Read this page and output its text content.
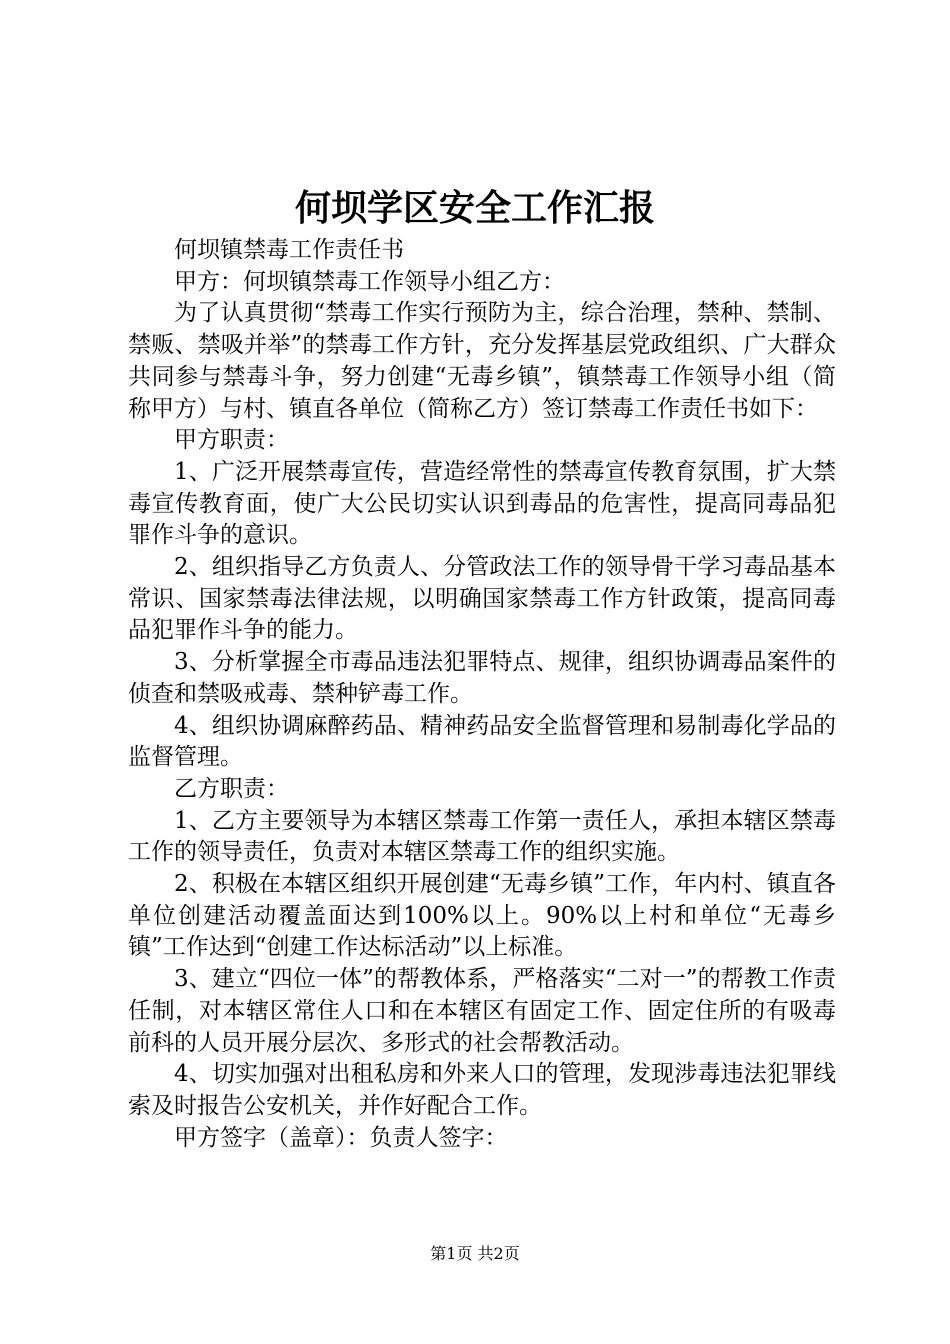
何坝学区安全工作汇报

何坝镇禁毒工作责任书

甲方：何坝镇禁毒工作领导小组乙方：

为了认真贯彻“禁毒工作实行预防为主，综合治理，禁种、禁制、禁贩、禁吸并举”的禁毒工作方针，充分发挥基层党政组织、广大群众共同参与禁毒斗争，努力创建“无毒乡镇”，镇禁毒工作领导小组（简称甲方）与村、镇直各单位（简称乙方）签订禁毒工作责任书如下：

甲方职责：

1、广泛开展禁毒宣传，营造经常性的禁毒宣传教育氛围，扩大禁毒宣传教育面，使广大公民切实认识到毒品的危害性，提高同毒品犯罪作斗争的意识。

2、组织指导乙方负责人、分管政法工作的领导骨干学习毒品基本常识、国家禁毒法律法规，以明确国家禁毒工作方针政策，提高同毒品犯罪作斗争的能力。

3、分析掌握全市毒品违法犯罪特点、规律，组织协调毒品案件的侦查和禁吸戒毒、禁种铲毒工作。

4、组织协调麻醉药品、精神药品安全监督管理和易制毒化学品的监督管理。

乙方职责：

1、乙方主要领导为本辖区禁毒工作第一责任人，承担本辖区禁毒工作的领导责任，负责对本辖区禁毒工作的组织实施。

2、积极在本辖区组织开展创建“无毒乡镇”工作，年内村、镇直各单位创建活动覆盖面达到100%以上。90%以上村和单位“无毒乡镇”工作达到“创建工作达标活动”以上标准。

3、建立“四位一体”的帮教体系，严格落实“二对一”的帮教工作责任制，对本辖区常住人口和在本辖区有固定工作、固定住所的有吸毒前科的人员开展分层次、多形式的社会帮教活动。

4、切实加强对出租私房和外来人口的管理，发现涉毒违法犯罪线索及时报告公安机关，并作好配合工作。

甲方签字（盖章）：负责人签字：

第1页 共2页
